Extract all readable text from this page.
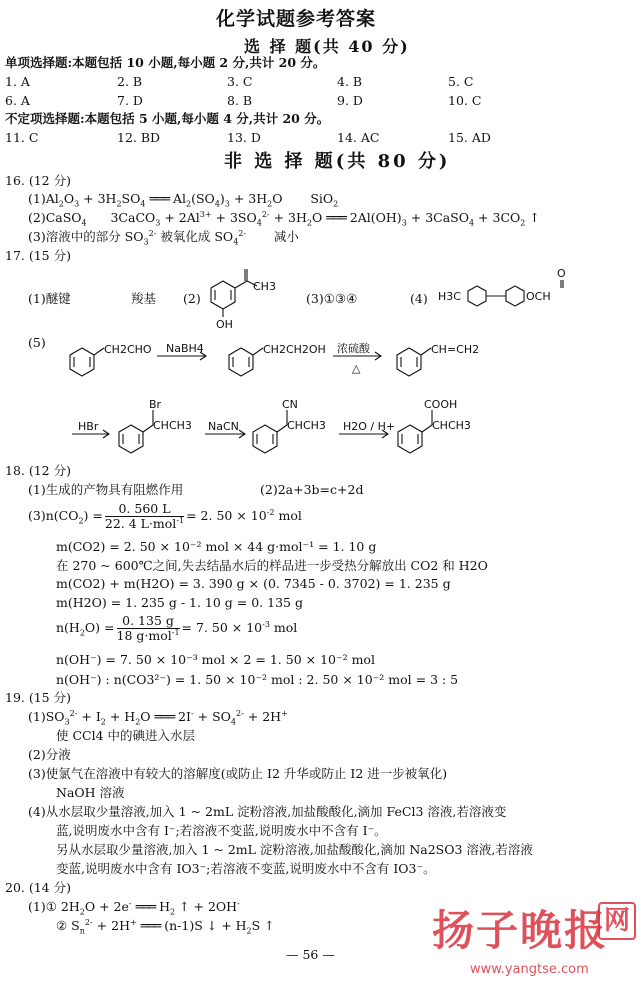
化学试题参考答案
选 择 题(共 40 分)
单项选择题:本题包括 10 小题,每小题 2 分,共计 20 分。
1. A	2. B	3. C	4. B	5. C
6. A	7. D	8. B	9. D	10. C
不定项选择题:本题包括 5 小题,每小题 4 分,共计 20 分。
11. C	12. BD	13. D	14. AC	15. AD
非 选 择 题(共 80 分)
16. (12 分)
$(1)Al_2O_3 + 3H_2SO_4$ ═══ $Al_2(SO_4)_3 + 3H_2O$       SiO$_2$
(2)CaSO$_4$      3CaCO$_3$ + $2Al^{3+} + 3SO_4^{2-} + 3H_2O$ ═══ $2Al(OH)_3$ + 3CaSO$_4$ + $3CO_2$ ↑
(3)溶液中的部分 $SO_3^{2-}$ 被氧化成 $SO_4^{2-}$ 减小
17. (15 分)
(1)醚键	羧基 (2)	(3)①③④	(4)
(5)
CH3
OH
H3C	OCH
O
CH2CHO NaBH4	CH2CH2OH 浓硫酸
△
CH=CH2
HBr
Br
CHCH3 NaCN
CN
CHCH3 H2O / H+
COOH
CHCH3
18. (12 分)
(1)生成的产物具有阻燃作用	(2)2a+3b=c+2d
$(3)n(CO_2) = \frac{0. 560 L}{22. 4 L\cdot mol^{-1}} = 2$. $50 \times 10^{-2}$ mol
m(CO2) = 2. 50 × 10⁻² mol × 44 g·mol⁻¹ = 1. 10 g
在 270 ~ 600℃之间,失去结晶水后的样品进一步受热分解放出 CO2 和 H2O
m(CO2) + m(H2O) = 3. 390 g × (0. 7345 - 0. 3702) = 1. 235 g
m(H2O) = 1. 235 g - 1. 10 g = 0. 135 g
$n(H_2O) = \frac{0. 135 g}{18 g\cdot mol^{-1}} = 7$. $50 \times 10^{-3}$ mol
n(OH⁻) = 7. 50 × 10⁻³ mol × 2 = 1. 50 × 10⁻² mol
n(OH⁻) : n(CO3²⁻) = 1. 50 × 10⁻² mol : 2. 50 × 10⁻² mol = 3 : 5
19. (15 分)
$(1)SO_3^{2-} + I_2 + H_2O$ ═══ $2I^- + SO_4^{2-} + 2H^+$
使 CCl4 中的碘进入水层
(2)分液
(3)使氯气在溶液中有较大的溶解度(或防止 I2 升华或防止 I2 进一步被氧化)
NaOH 溶液
(4)从水层取少量溶液,加入 1 ~ 2mL 淀粉溶液,加盐酸酸化,滴加 FeCl3 溶液,若溶液变
蓝,说明废水中含有 I⁻;若溶液不变蓝,说明废水中不含有 I⁻。
另从水层取少量溶液,加入 1 ~ 2mL 淀粉溶液,加盐酸酸化,滴加 Na2SO3 溶液,若溶液
变蓝,说明废水中含有 IO3⁻;若溶液不变蓝,说明废水中不含有 IO3⁻。
20. (14 分)
(1)① $2H_2O + 2e^-$ ═══ $H_2$ ↑ + 2OH-
② $S_n^{2-} + 2H^+$ ═══ (n-1)S ↓ + $H_2S$ ↑
— 56 — 扬子晚报
网
www.yangtse.com
